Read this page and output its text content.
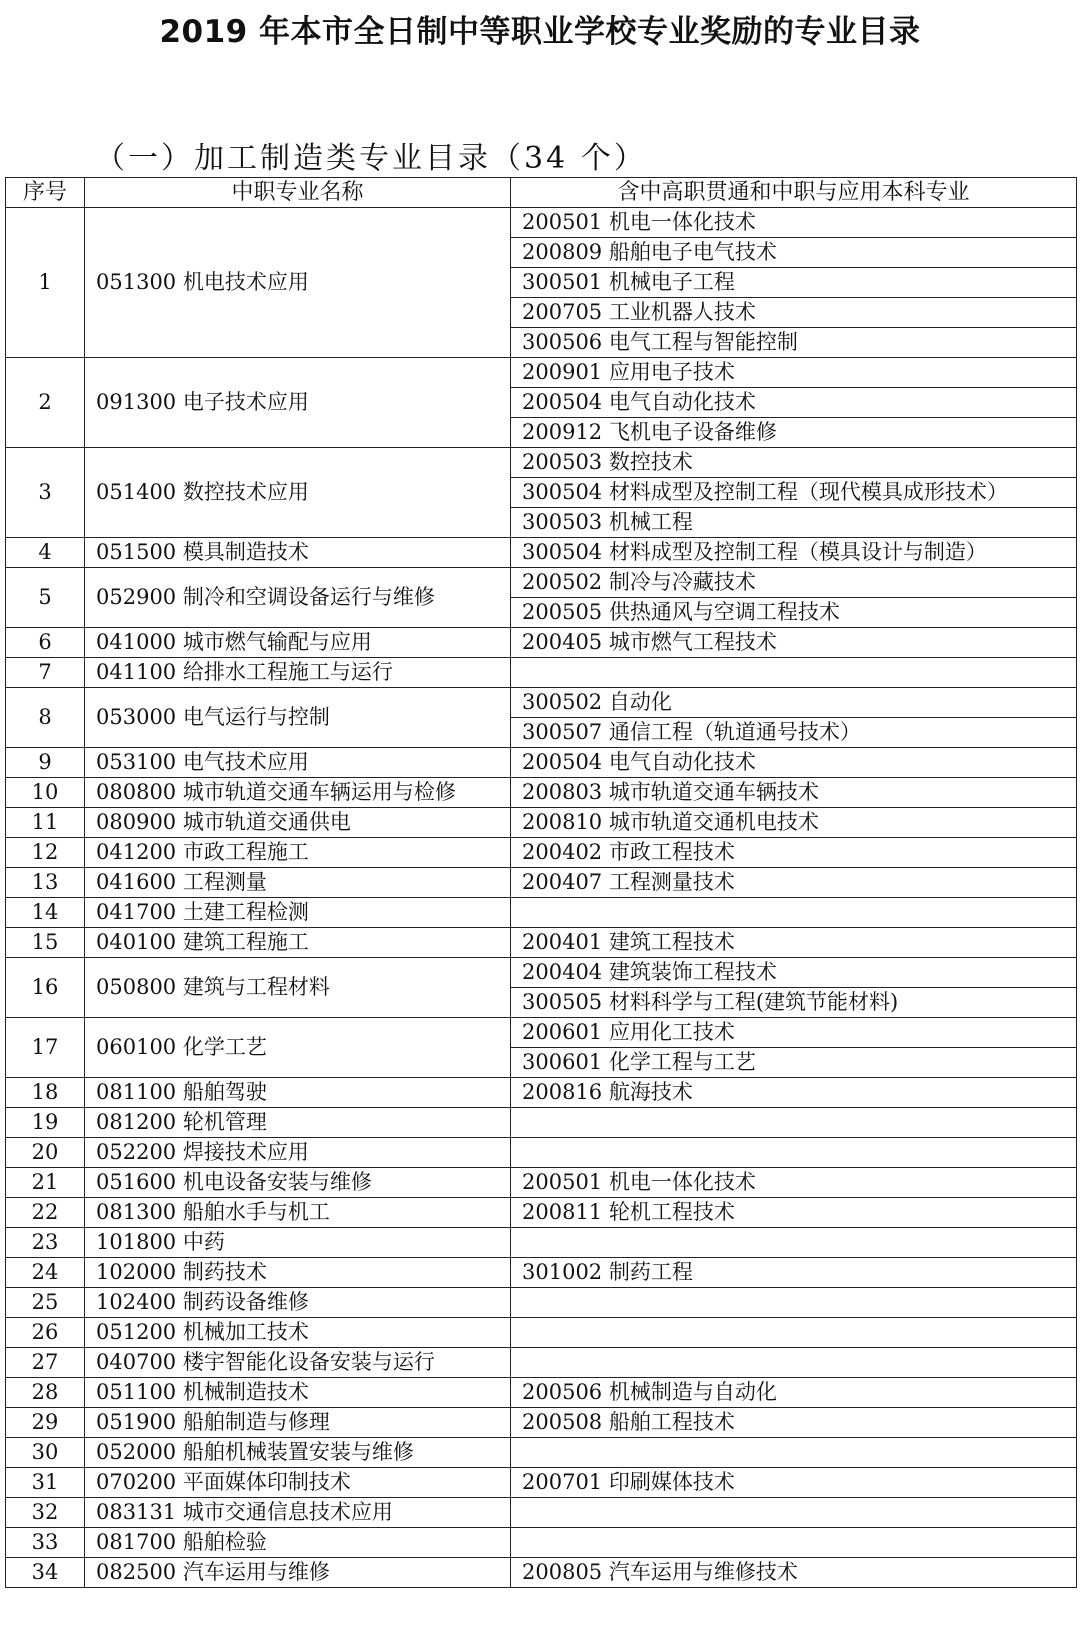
2019 年本市全日制中等职业学校专业奖励的专业目录
（一）加工制造类专业目录（34 个）
序号	中职专业名称	含中高职贯通和中职与应用本科专业
1	051300 机电技术应用	200501 机电一体化技术
		200809 船舶电子电气技术
		300501 机械电子工程
		200705 工业机器人技术
		300506 电气工程与智能控制
2	091300 电子技术应用	200901 应用电子技术
		200504 电气自动化技术
		200912 飞机电子设备维修
3	051400 数控技术应用	200503 数控技术
		300504 材料成型及控制工程（现代模具成形技术）
		300503 机械工程
4	051500 模具制造技术	300504 材料成型及控制工程（模具设计与制造）
5	052900 制冷和空调设备运行与维修	200502 制冷与冷藏技术
		200505 供热通风与空调工程技术
6	041000 城市燃气输配与应用	200405 城市燃气工程技术
7	041100 给排水工程施工与运行	
8	053000 电气运行与控制	300502 自动化
		300507 通信工程（轨道通号技术）
9	053100 电气技术应用	200504 电气自动化技术
10	080800 城市轨道交通车辆运用与检修	200803 城市轨道交通车辆技术
11	080900 城市轨道交通供电	200810 城市轨道交通机电技术
12	041200 市政工程施工	200402 市政工程技术
13	041600 工程测量	200407 工程测量技术
14	041700 土建工程检测	
15	040100 建筑工程施工	200401 建筑工程技术
16	050800 建筑与工程材料	200404 建筑装饰工程技术
		300505 材料科学与工程(建筑节能材料)
17	060100 化学工艺	200601 应用化工技术
		300601 化学工程与工艺
18	081100 船舶驾驶	200816 航海技术
19	081200 轮机管理	
20	052200 焊接技术应用	
21	051600 机电设备安装与维修	200501 机电一体化技术
22	081300 船舶水手与机工	200811 轮机工程技术
23	101800 中药	
24	102000 制药技术	301002 制药工程
25	102400 制药设备维修	
26	051200 机械加工技术	
27	040700 楼宇智能化设备安装与运行	
28	051100 机械制造技术	200506 机械制造与自动化
29	051900 船舶制造与修理	200508 船舶工程技术
30	052000 船舶机械装置安装与维修	
31	070200 平面媒体印制技术	200701 印刷媒体技术
32	083131 城市交通信息技术应用	
33	081700 船舶检验	
34	082500 汽车运用与维修	200805 汽车运用与维修技术
